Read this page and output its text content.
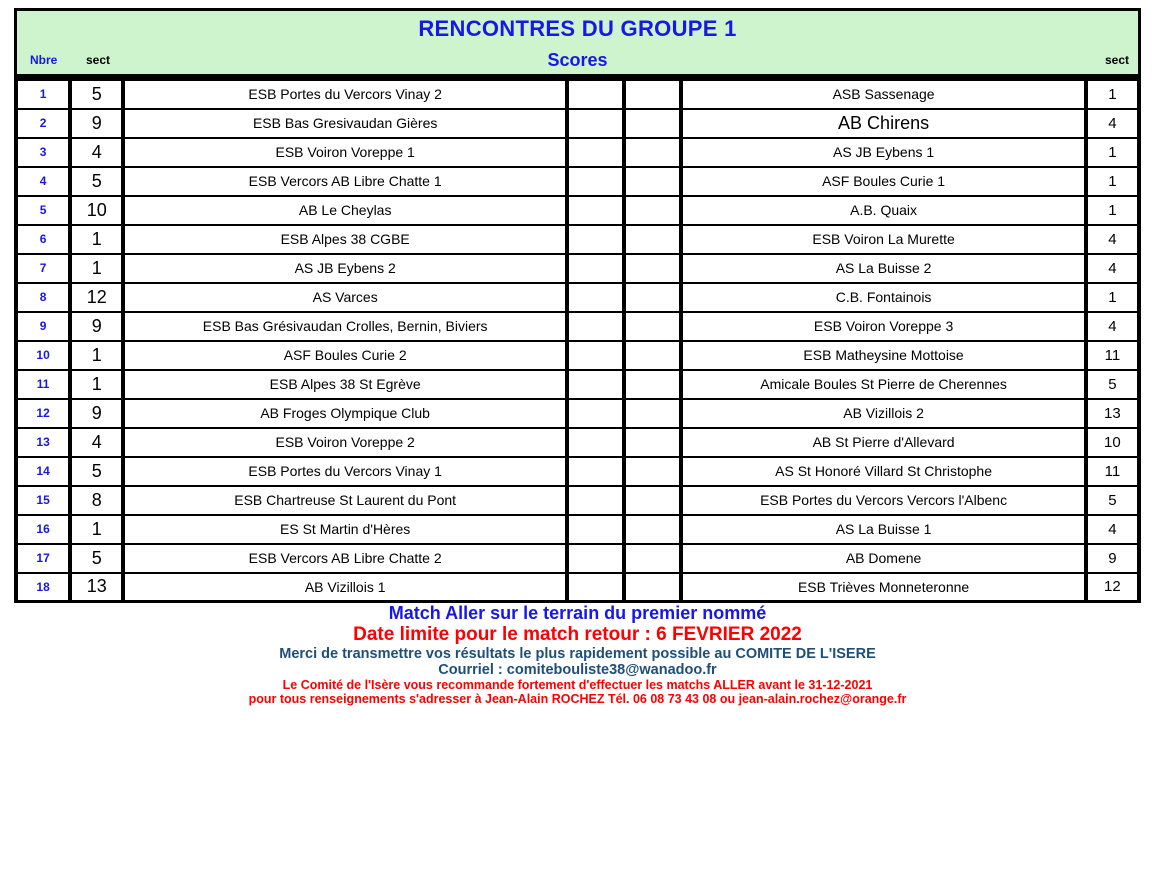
RENCONTRES DU GROUPE 1
Nbre sect	Scores	sect
1	5	ESB Portes du Vercors Vinay 2			ASB Sassenage	1
2	9	ESB Bas Gresivaudan Gières			AB Chirens	4
3	4	ESB Voiron Voreppe 1			AS JB Eybens 1	1
4	5	ESB Vercors AB Libre Chatte 1			ASF Boules Curie 1	1
5	10	AB Le Cheylas			A.B. Quaix	1
6	1	ESB Alpes 38 CGBE			ESB Voiron La Murette	4
7	1	AS JB Eybens 2			AS La Buisse 2	4
8	12	AS Varces			C.B. Fontainois	1
9	9	ESB Bas Grésivaudan Crolles, Bernin, Biviers			ESB Voiron Voreppe 3	4
10	1	ASF Boules Curie 2			ESB Matheysine Mottoise	11
11	1	ESB Alpes 38 St Egrève			Amicale Boules St Pierre de Cherennes	5
12	9	AB Froges Olympique Club			AB Vizillois 2	13
13	4	ESB Voiron Voreppe 2			AB St Pierre d'Allevard	10
14	5	ESB Portes du Vercors Vinay 1			AS St Honoré Villard St Christophe	11
15	8	ESB Chartreuse St Laurent du Pont			ESB Portes du Vercors Vercors l'Albenc	5
16	1	ES St Martin d'Hères			AS La Buisse 1	4
17	5	ESB Vercors AB Libre Chatte 2			AB Domene	9
18	13	AB Vizillois 1			ESB Trièves Monneteronne	12

Match Aller sur le terrain du premier nommé

Date limite pour le match retour : 6 FEVRIER 2022

Merci de transmettre vos résultats le plus rapidement possible au COMITE DE L'ISERE

Courriel : comitebouliste38@wanadoo.fr

Le Comité de l'Isère vous recommande fortement d'effectuer les matchs ALLER avant le 31-12-2021

pour tous renseignements s'adresser à Jean-Alain ROCHEZ Tél. 06 08 73 43 08 ou jean-alain.rochez@orange.fr
